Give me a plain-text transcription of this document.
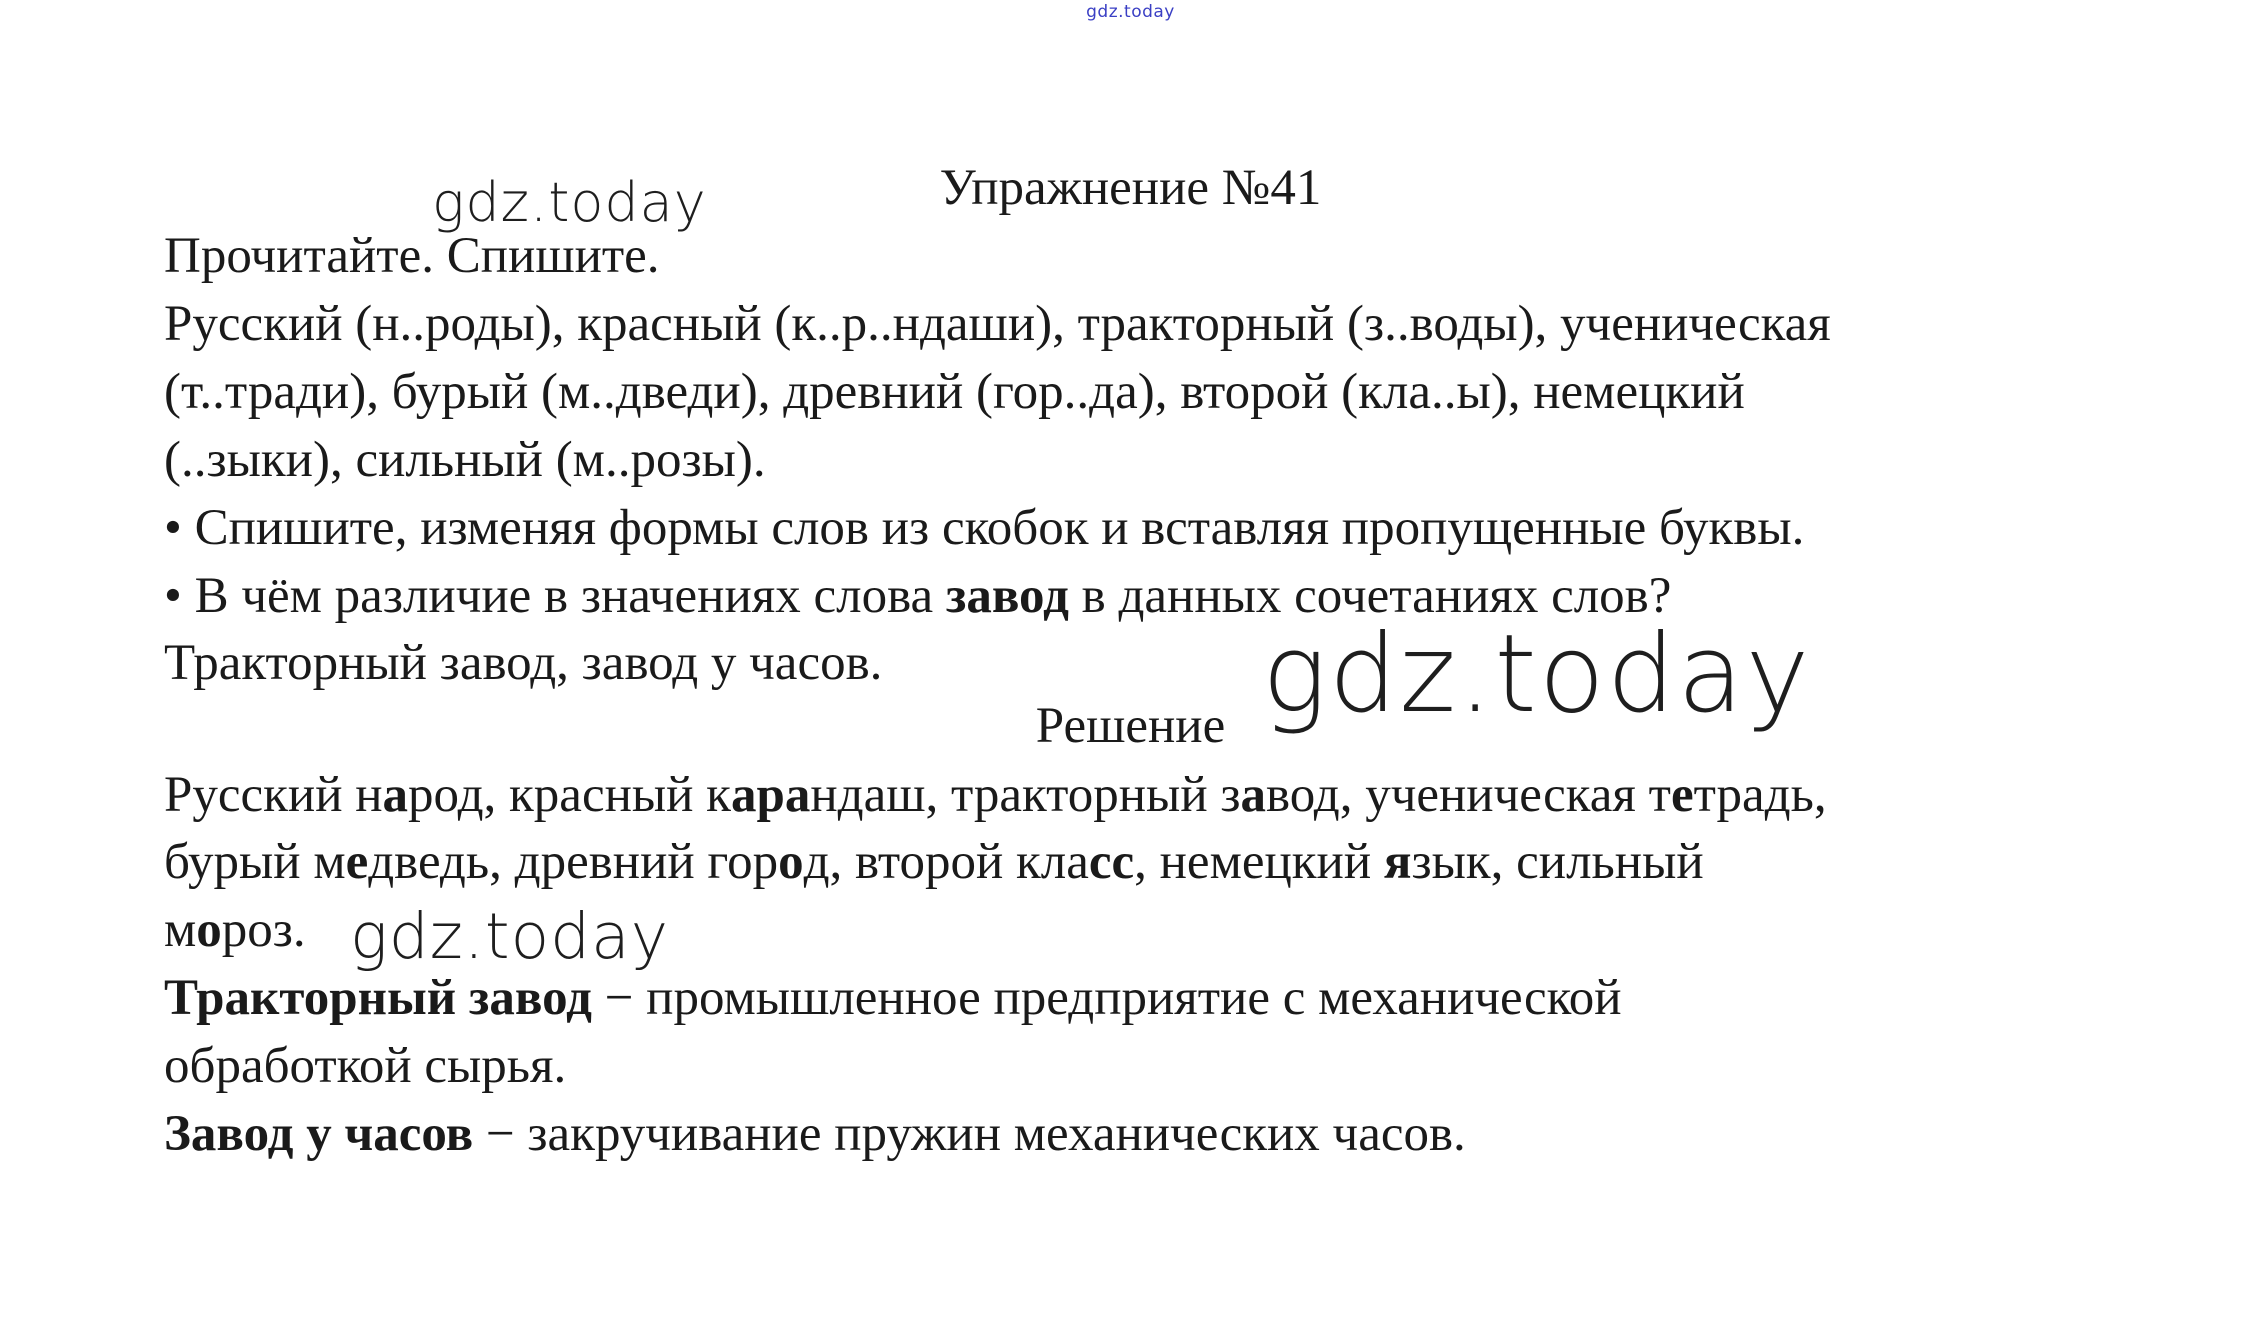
gdz.today
Упражнение №41
Прочитайте. Спишите.
Русский (н..роды), красный (к..р..ндаши), тракторный (з..воды), ученическая
(т..тради), бурый (м..дведи), древний (гор..да), второй (кла..ы), немецкий
(..зыки), сильный (м..розы).
• Спишите, изменяя формы слов из скобок и вставляя пропущенные буквы.
• В чём различие в значениях слова завод в данных сочетаниях слов?
Тракторный завод, завод у часов.
Решение
Русский народ, красный карандаш, тракторный завод, ученическая тетрадь,
бурый медведь, древний город, второй класс, немецкий язык, сильный
мороз.
Тракторный завод − промышленное предприятие с механической
обработкой сырья.
Завод у часов − закручивание пружин механических часов.
gdz.today
gdz.today
gdz.today
